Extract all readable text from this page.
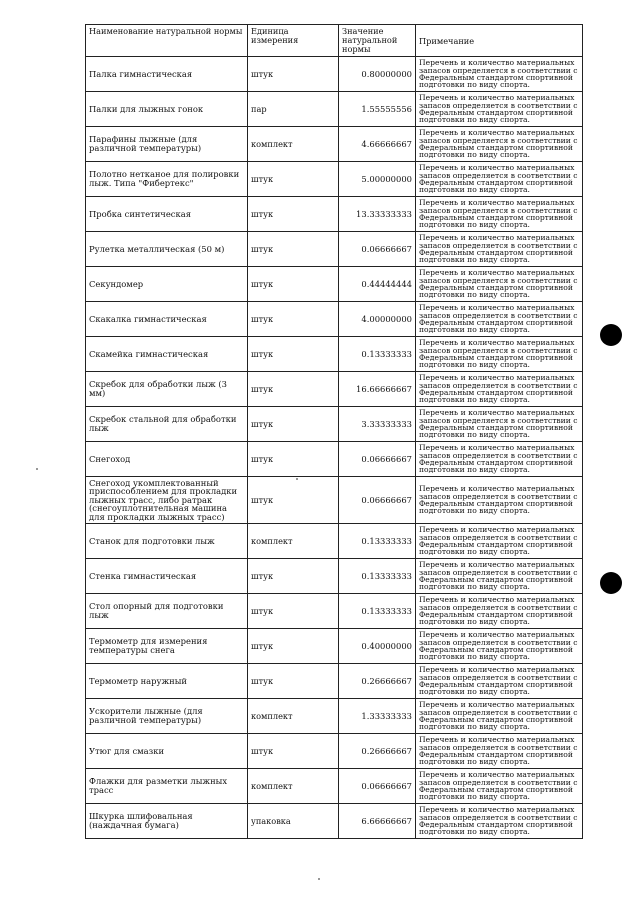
Наименование натуральной нормы	Единица измерения	Значение натуральной нормы	Примечание
Палка гимнастическая	штук	0.80000000	Перечень и количество материальных запасов определяется в соответствии с Федеральным стандартом спортивной подготовки по виду спорта.
Палки для лыжных гонок	пар	1.55555556	Перечень и количество материальных запасов определяется в соответствии с Федеральным стандартом спортивной подготовки по виду спорта.
Парафины лыжные (для различной температуры)	комплект	4.66666667	Перечень и количество материальных запасов определяется в соответствии с Федеральным стандартом спортивной подготовки по виду спорта.
Полотно нетканое для полировки лыж. Типа "Фибертекс"	штук	5.00000000	Перечень и количество материальных запасов определяется в соответствии с Федеральным стандартом спортивной подготовки по виду спорта.
Пробка синтетическая	штук	13.33333333	Перечень и количество материальных запасов определяется в соответствии с Федеральным стандартом спортивной подготовки по виду спорта.
Рулетка металлическая (50 м)	штук	0.06666667	Перечень и количество материальных запасов определяется в соответствии с Федеральным стандартом спортивной подготовки по виду спорта.
Секундомер	штук	0.44444444	Перечень и количество материальных запасов определяется в соответствии с Федеральным стандартом спортивной подготовки по виду спорта.
Скакалка гимнастическая	штук	4.00000000	Перечень и количество материальных запасов определяется в соответствии с Федеральным стандартом спортивной подготовки по виду спорта.
Скамейка гимнастическая	штук	0.13333333	Перечень и количество материальных запасов определяется в соответствии с Федеральным стандартом спортивной подготовки по виду спорта.
Скребок для обработки лыж (3 мм)	штук	16.66666667	Перечень и количество материальных запасов определяется в соответствии с Федеральным стандартом спортивной подготовки по виду спорта.
Скребок стальной для обработки лыж	штук	3.33333333	Перечень и количество материальных запасов определяется в соответствии с Федеральным стандартом спортивной подготовки по виду спорта.
Снегоход	штук	0.06666667	Перечень и количество материальных запасов определяется в соответствии с Федеральным стандартом спортивной подготовки по виду спорта.
Снегоход укомплектованный приспособлением для прокладки лыжных трасс, либо ратрак (снегоуплотнительная машина для прокладки лыжных трасс)	штук	0.06666667	Перечень и количество материальных запасов определяется в соответствии с Федеральным стандартом спортивной подготовки по виду спорта.
Станок для подготовки лыж	комплект	0.13333333	Перечень и количество материальных запасов определяется в соответствии с Федеральным стандартом спортивной подготовки по виду спорта.
Стенка гимнастическая	штук	0.13333333	Перечень и количество материальных запасов определяется в соответствии с Федеральным стандартом спортивной подготовки по виду спорта.
Стол опорный для подготовки лыж	штук	0.13333333	Перечень и количество материальных запасов определяется в соответствии с Федеральным стандартом спортивной подготовки по виду спорта.
Термометр для измерения температуры снега	штук	0.40000000	Перечень и количество материальных запасов определяется в соответствии с Федеральным стандартом спортивной подготовки по виду спорта.
Термометр наружный	штук	0.26666667	Перечень и количество материальных запасов определяется в соответствии с Федеральным стандартом спортивной подготовки по виду спорта.
Ускорители лыжные (для различной температуры)	комплект	1.33333333	Перечень и количество материальных запасов определяется в соответствии с Федеральным стандартом спортивной подготовки по виду спорта.
Утюг для смазки	штук	0.26666667	Перечень и количество материальных запасов определяется в соответствии с Федеральным стандартом спортивной подготовки по виду спорта.
Флажки для разметки лыжных трасс	комплект	0.06666667	Перечень и количество материальных запасов определяется в соответствии с Федеральным стандартом спортивной подготовки по виду спорта.
Шкурка шлифовальная (наждачная бумага)	упаковка	6.66666667	Перечень и количество материальных запасов определяется в соответствии с Федеральным стандартом спортивной подготовки по виду спорта.
